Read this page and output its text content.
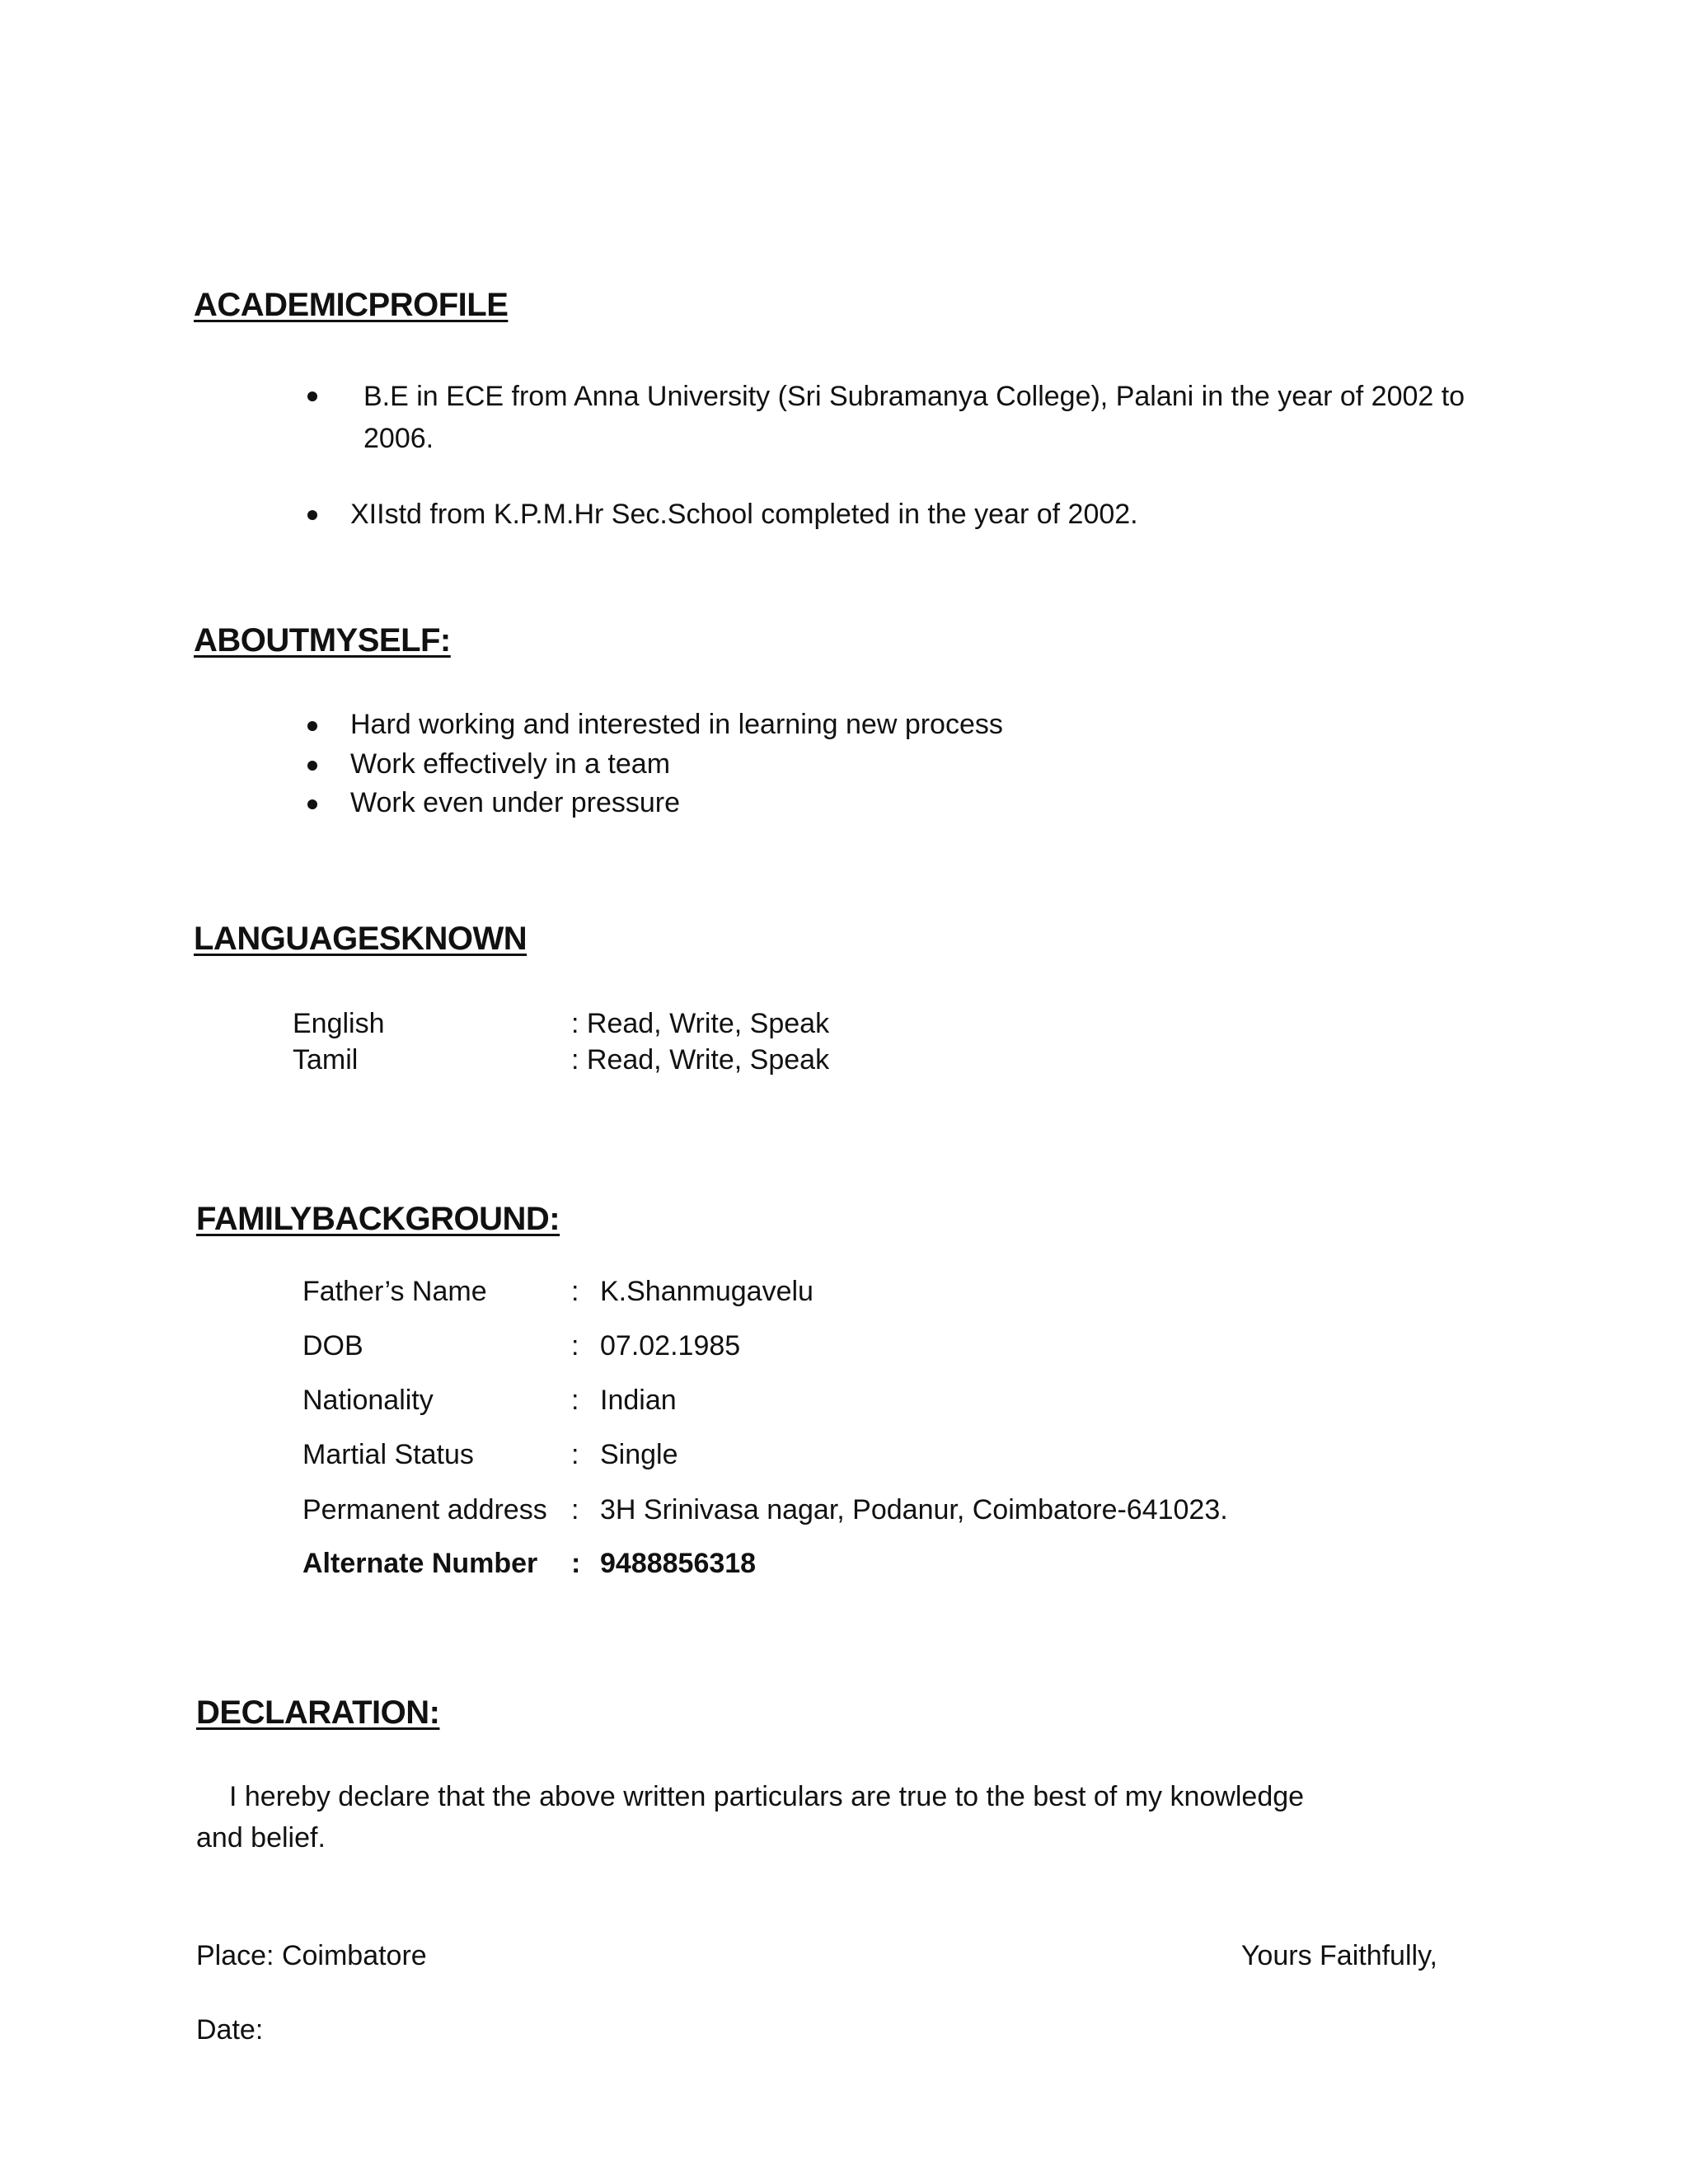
ACADEMICPROFILE
B.E in ECE from Anna University (Sri Subramanya College), Palani in the year of 2002 to
2006.
XIIstd from K.P.M.Hr Sec.School completed in the year of 2002.
ABOUTMYSELF:
Hard working and interested in learning new process
Work effectively in a team
Work even under pressure
LANGUAGESKNOWN
English	: Read, Write, Speak
Tamil	: Read, Write, Speak
FAMILYBACKGROUND:
Father’s Name	: K.Shanmugavelu
DOB	: 07.02.1985
Nationality	: Indian
Martial Status	: Single
Permanent address : 3H Srinivasa nagar, Podanur, Coimbatore-641023.
Alternate Number : 9488856318
DECLARATION:
I hereby declare that the above written particulars are true to the best of my knowledge
and belief.
Place: Coimbatore	Yours Faithfully,
Date:
